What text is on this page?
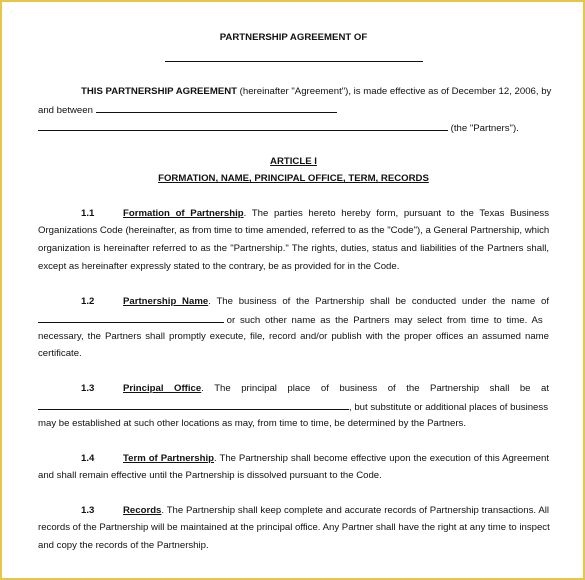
PARTNERSHIP AGREEMENT OF
THIS PARTNERSHIP AGREEMENT (hereinafter "Agreement"), is made effective as of December 12, 2006, by
and between
(the "Partners").
ARTICLE I
FORMATION, NAME, PRINCIPAL OFFICE, TERM, RECORDS
1.1	Formation of Partnership. The parties hereto hereby form, pursuant to the Texas Business
Organizations Code (hereinafter, as from time to time amended, referred to as the "Code"), a General Partnership, which
organization is hereinafter referred to as the "Partnership." The rights, duties, status and liabilities of the Partners shall,
except as hereinafter expressly stated to the contrary, be as provided for in the Code.
1.2	Partnership Name. The business of the Partnership shall be conducted under the name of
or such other name as the Partners may select from time to time. As
necessary, the Partners shall promptly execute, file, record and/or publish with the proper offices an assumed name
certificate.
1.3	Principal Office. The principal place of business of the Partnership shall be at
, but substitute or additional places of business
may be established at such other locations as may, from time to time, be determined by the Partners.
1.4	Term of Partnership. The Partnership shall become effective upon the execution of this Agreement
and shall remain effective until the Partnership is dissolved pursuant to the Code.
1.3	Records. The Partnership shall keep complete and accurate records of Partnership transactions. All
records of the Partnership will be maintained at the principal office. Any Partner shall have the right at any time to inspect
and copy the records of the Partnership.
